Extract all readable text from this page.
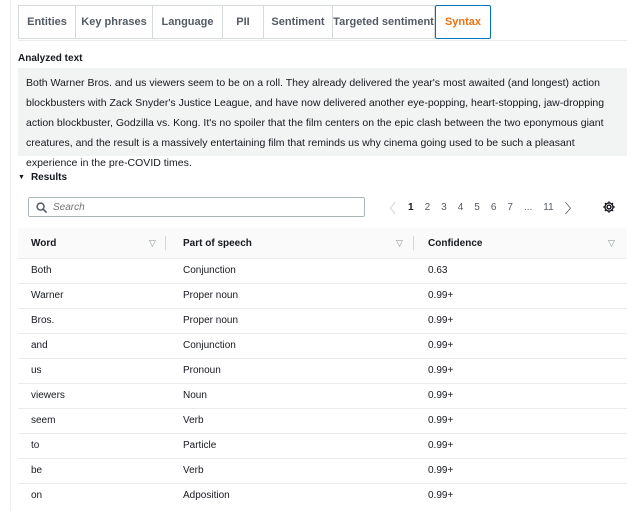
Entities	Key phrases	Language	PII	Sentiment Targeted sentiment	Syntax
Analyzed text
Both Warner Bros. and us viewers seem to be on a roll. They already delivered the year's most awaited (and longest) action blockbusters with Zack Snyder's Justice League, and have now delivered another eye-popping, heart-stopping, jaw-dropping action blockbuster, Godzilla vs. Kong. It's no spoiler that the film centers on the epic clash between the two eponymous giant creatures, and the result is a massively entertaining film that reminds us why cinema going used to be such a pleasant experience in the pre-COVID times.
▼ Results
Search
〈 1 2 3 4 5 6 7 ... 11 〉
Word	▽	Part of speech	▽	Confidence	▽
Both	Conjunction	0.63
Warner	Proper noun	0.99+
Bros.	Proper noun	0.99+
and	Conjunction	0.99+
us	Pronoun	0.99+
viewers	Noun	0.99+
seem	Verb	0.99+
to	Particle	0.99+
be	Verb	0.99+
on	Adposition	0.99+
